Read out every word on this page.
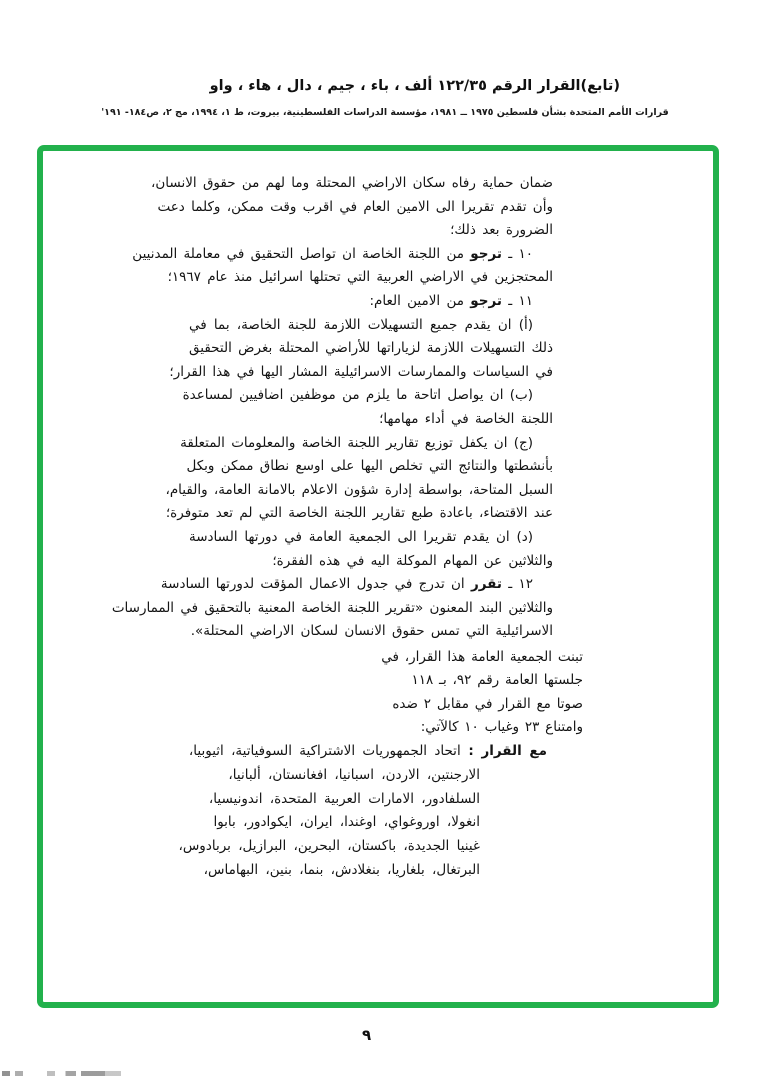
(تابع)القرار الرقم ١٢٢/٣٥ ألف ، باء ، جيم ، دال ، هاء ، واو
قرارات الأمم المتحدة بشأن فلسطين ١٩٧٥ ــ ١٩٨١، مؤسسة الدراسات الفلسطينية، بيروت، ط ١، ١٩٩٤، مج ٢، ص١٨٤- ١٩١'
ضمان حماية رفاه سكان الاراضي المحتلة وما لهم من حقوق الانسان،
وأن تقدم تقريرا الى الامين العام في اقرب وقت ممكن، وكلما دعت
الضرورة بعد ذلك؛
١٠ ـ ترجو من اللجنة الخاصة ان تواصل التحقيق في معاملة المدنيين
المحتجزين في الاراضي العربية التي تحتلها اسرائيل منذ عام ١٩٦٧؛
١١ ـ ترجو من الامين العام:
(أ) ان يقدم جميع التسهيلات اللازمة للجنة الخاصة، بما في
ذلك التسهيلات اللازمة لزياراتها للأراضي المحتلة بغرض التحقيق
في السياسات والممارسات الاسرائيلية المشار اليها في هذا القرار؛
(ب) ان يواصل اتاحة ما يلزم من موظفين اضافيين لمساعدة
اللجنة الخاصة في أداء مهامها؛
(ج) ان يكفل توزيع تقارير اللجنة الخاصة والمعلومات المتعلقة
بأنشطتها والنتائج التي تخلص اليها على اوسع نطاق ممكن وبكل
السبل المتاحة، بواسطة إدارة شؤون الاعلام بالامانة العامة، والقيام،
عند الاقتضاء، باعادة طبع تقارير اللجنة الخاصة التي لم تعد متوفرة؛
(د) ان يقدم تقريرا الى الجمعية العامة في دورتها السادسة
والثلاثين عن المهام الموكلة اليه في هذه الفقرة؛
١٢ ـ تقرر ان تدرج في جدول الاعمال المؤقت لدورتها السادسة
والثلاثين البند المعنون «تقرير اللجنة الخاصة المعنية بالتحقيق في الممارسات
الاسرائيلية التي تمس حقوق الانسان لسكان الاراضي المحتلة».
تبنت الجمعية العامة هذا القرار، في
جلستها العامة رقم ٩٢، بـ ١١٨
صوتا مع القرار في مقابل ٢ ضده
وامتناع ٢٣ وغياب ١٠ كالآتي:
مع القرار : اتحاد الجمهوريات الاشتراكية السوفياتية، اثيوبيا،
الارجنتين، الاردن، اسبانيا، افغانستان، ألبانيا،
السلفادور، الامارات العربية المتحدة، اندونيسيا،
انغولا، اوروغواي، اوغندا، ايران، ايكوادور، بابوا
غينيا الجديدة، باكستان، البحرين، البرازيل، بربادوس،
البرتغال، بلغاريا، بنغلادش، بنما، بنين، البهاماس،
٩
